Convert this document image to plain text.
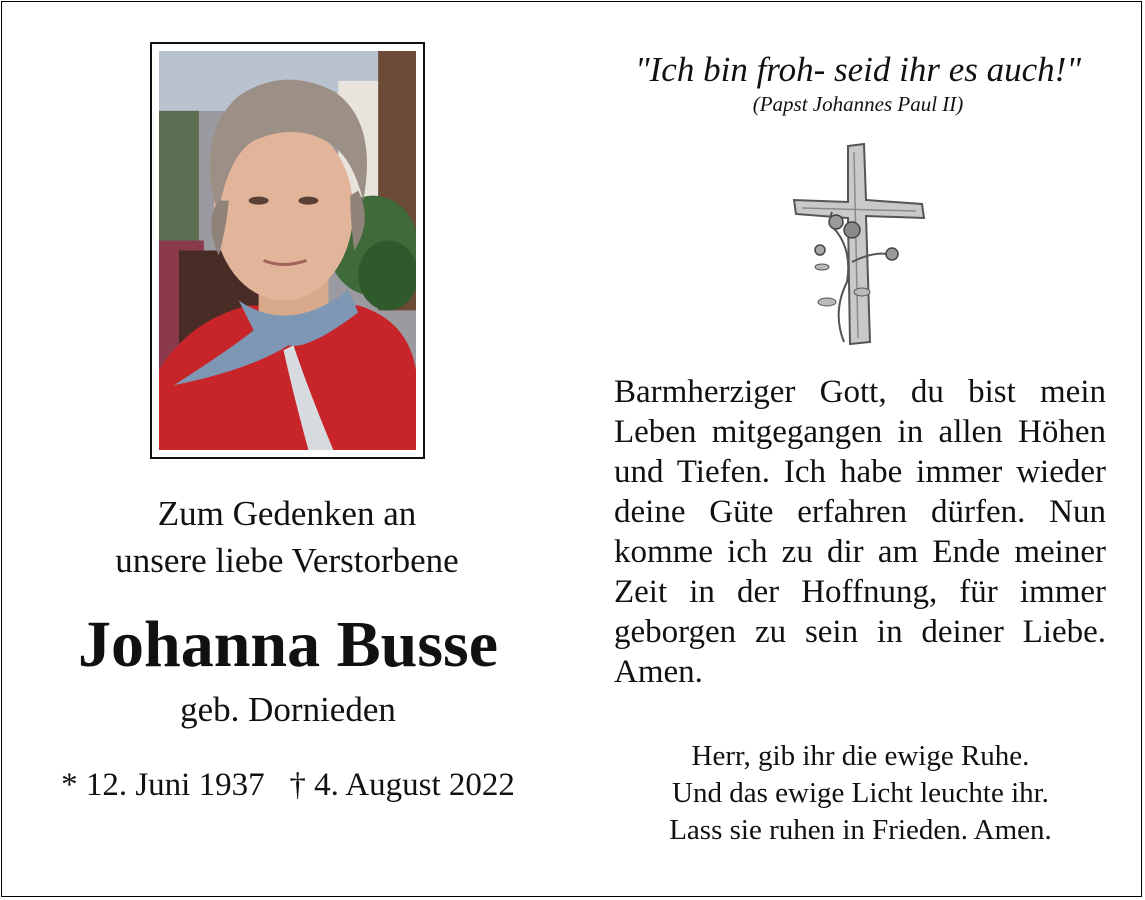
Zum Gedenken an
unsere liebe Verstorbene
Johanna Busse
geb. Dornieden
* 12. Juni 1937 † 4. August 2022
"Ich bin froh- seid ihr es auch!"
(Papst Johannes Paul II)
Barmherziger Gott, du bist mein Leben mitgegangen in allen Höhen und Tiefen. Ich habe immer wieder deine Güte erfahren dürfen. Nun komme ich zu dir am Ende meiner Zeit in der Hoffnung, für immer geborgen zu sein in deiner Liebe. Amen.
Herr, gib ihr die ewige Ruhe.
Und das ewige Licht leuchte ihr.
Lass sie ruhen in Frieden. Amen.
